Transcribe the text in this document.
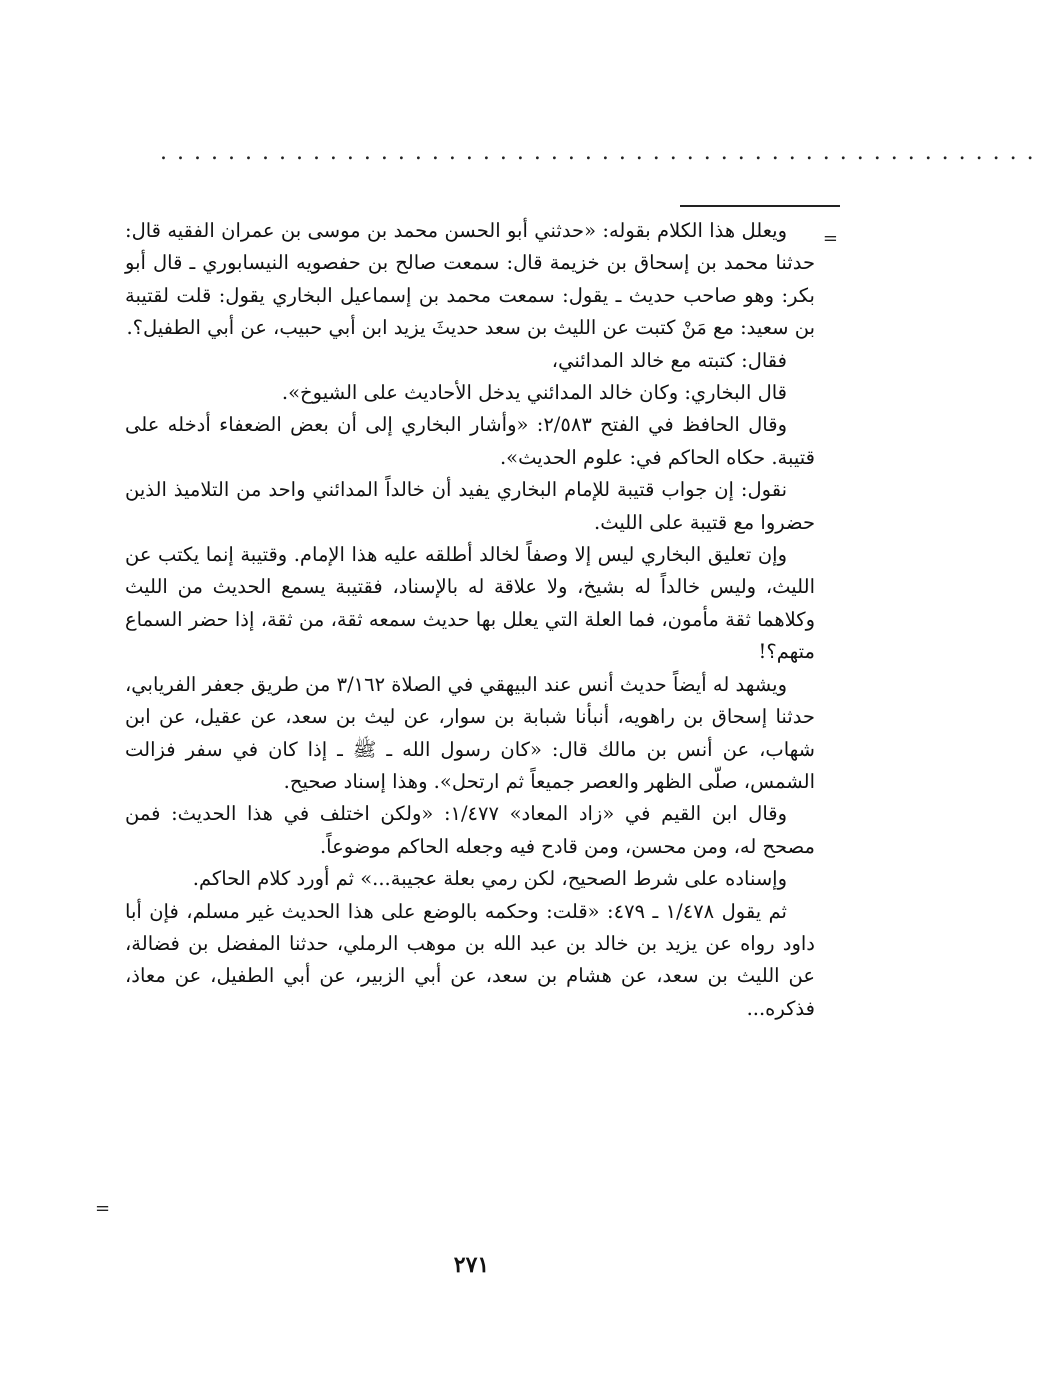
....................................................
=
=

ويعلل هذا الكلام بقوله: «حدثني أبو الحسن محمد بن موسى بن عمران الفقيه قال: حدثنا محمد بن إسحاق بن خزيمة قال: سمعت صالح بن حفصويه النيسابوري ـ قال أبو بكر: وهو صاحب حديث ـ يقول: سمعت محمد بن إسماعيل البخاري يقول: قلت لقتيبة بن سعيد: مع مَنْ كتبت عن الليث بن سعد حديثَ يزيد ابن أبي حبيب، عن أبي الطفيل؟.

فقال: كتبته مع خالد المدائني،

قال البخاري: وكان خالد المدائني يدخل الأحاديث على الشيوخ».

وقال الحافظ في الفتح ٢/٥٨٣: «وأشار البخاري إلى أن بعض الضعفاء أدخله على قتيبة. حكاه الحاكم في: علوم الحديث».

نقول: إن جواب قتيبة للإمام البخاري يفيد أن خالداً المدائني واحد من التلاميذ الذين حضروا مع قتيبة على الليث.

وإن تعليق البخاري ليس إلا وصفاً لخالد أطلقه عليه هذا الإمام. وقتيبة إنما يكتب عن الليث، وليس خالداً له بشيخ، ولا علاقة له بالإسناد، فقتيبة يسمع الحديث من الليث وكلاهما ثقة مأمون، فما العلة التي يعلل بها حديث سمعه ثقة، من ثقة، إذا حضر السماع متهم؟!

ويشهد له أيضاً حديث أنس عند البيهقي في الصلاة ٣/١٦٢ من طريق جعفر الفريابي، حدثنا إسحاق بن راهويه، أنبأنا شبابة بن سوار، عن ليث بن سعد، عن عقيل، عن ابن شهاب، عن أنس بن مالك قال: «كان رسول الله ـ ﷺ ـ إذا كان في سفر فزالت الشمس، صلّى الظهر والعصر جميعاً ثم ارتحل». وهذا إسناد صحيح.

وقال ابن القيم في «زاد المعاد» ١/٤٧٧: «ولكن اختلف في هذا الحديث: فمن مصحح له، ومن محسن، ومن قادح فيه وجعله الحاكم موضوعاً.

وإسناده على شرط الصحيح، لكن رمي بعلة عجيبة...» ثم أورد كلام الحاكم.

ثم يقول ١/٤٧٨ ـ ٤٧٩: «قلت: وحكمه بالوضع على هذا الحديث غير مسلم، فإن أبا داود رواه عن يزيد بن خالد بن عبد الله بن موهب الرملي، حدثنا المفضل بن فضالة، عن الليث بن سعد، عن هشام بن سعد، عن أبي الزبير، عن أبي الطفيل، عن معاذ، فذكره...

٢٧١
